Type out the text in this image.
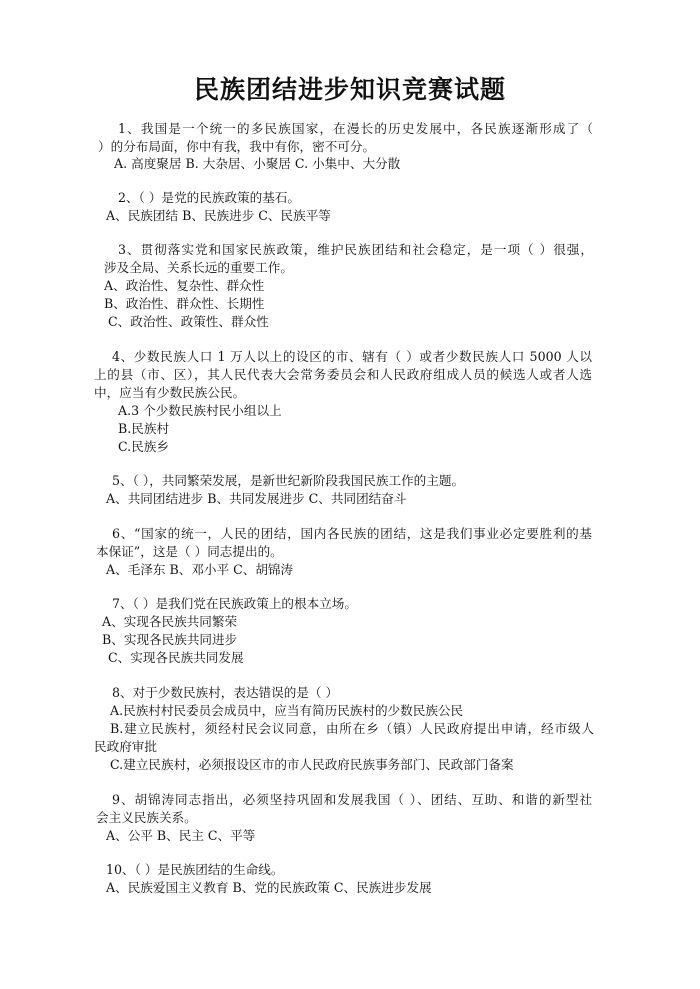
民族团结进步知识竞赛试题
1、我国是一个统一的多民族国家，在漫长的历史发展中，各民族逐渐形成了（
）的分布局面，你中有我，我中有你，密不可分。
A. 高度聚居 B. 大杂居、小聚居 C. 小集中、大分散
2、（ ）是党的民族政策的基石。
A、民族团结 B、民族进步 C、民族平等
3、贯彻落实党和国家民族政策，维护民族团结和社会稳定，是一项（ ）很强，
涉及全局、关系长远的重要工作。
A、政治性、复杂性、群众性
B、政治性、群众性、长期性
C、政治性、政策性、群众性
4、少数民族人口 1 万人以上的设区的市、辖有（ ）或者少数民族人口 5000 人以
上的县（市、区），其人民代表大会常务委员会和人民政府组成人员的候选人或者人选
中，应当有少数民族公民。
A.3 个少数民族村民小组以上
B.民族村
C.民族乡
5、（ ），共同繁荣发展，是新世纪新阶段我国民族工作的主题。
A、共同团结进步 B、共同发展进步 C、共同团结奋斗
6、“国家的统一，人民的团结，国内各民族的团结，这是我们事业必定要胜利的基
本保证”，这是（ ）同志提出的。
A、毛泽东 B、邓小平 C、胡锦涛
7、（ ）是我们党在民族政策上的根本立场。
A、实现各民族共同繁荣
B、实现各民族共同进步
C、实现各民族共同发展
8、对于少数民族村，表达错误的是（ ）
A.民族村村民委员会成员中，应当有简历民族村的少数民族公民
B.建立民族村，须经村民会议同意，由所在乡（镇）人民政府提出申请，经市级人
民政府审批
C.建立民族村，必须报设区市的市人民政府民族事务部门、民政部门备案
9、胡锦涛同志指出，必须坚持巩固和发展我国（ ）、团结、互助、和谐的新型社
会主义民族关系。
A、公平 B、民主 C、平等
10、（ ）是民族团结的生命线。
A、民族爱国主义教育 B、党的民族政策 C、民族进步发展
